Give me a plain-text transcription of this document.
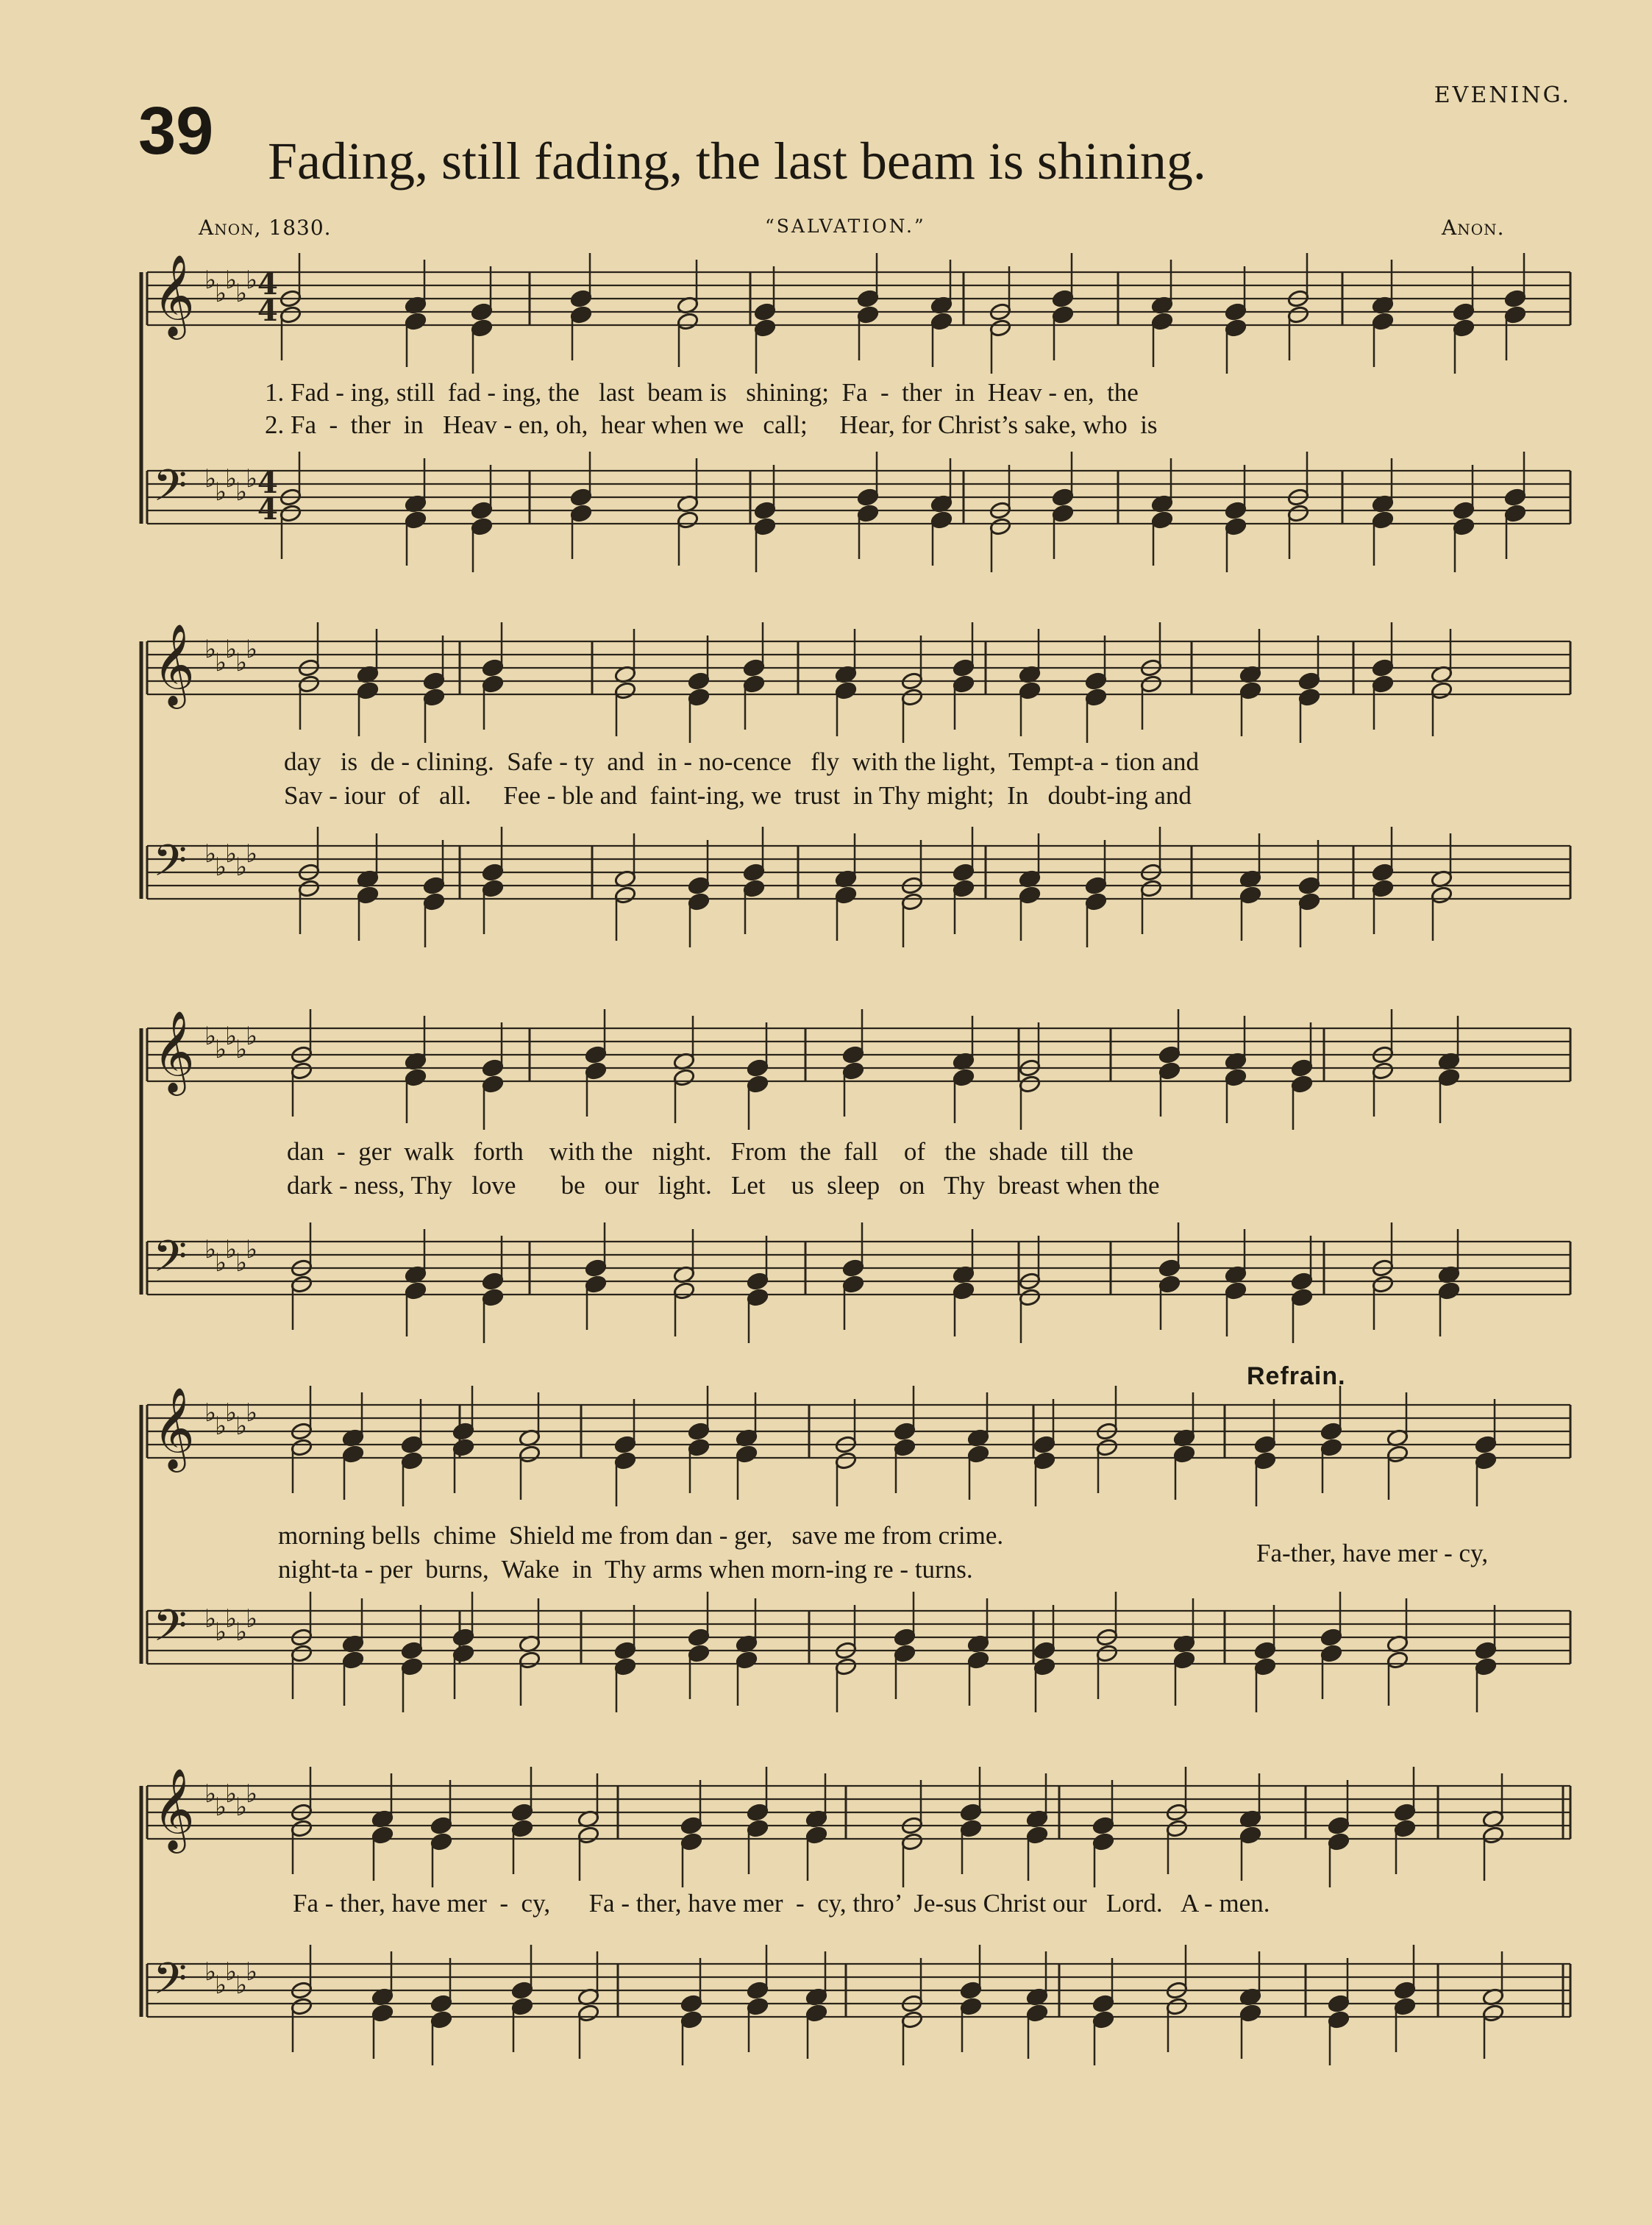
39	EVENING.
Fading, still fading, the last beam is shining.
Anon, 1830.	“SALVATION.”	Anon.
𝄞 ♭
♭
♭
♭
♭
𝄢 ♭
♭
♭
♭
♭
𝄞 ♭
♭
♭
♭
♭
𝄢 ♭
♭
♭
♭
♭
𝄞 ♭
♭
♭
♭
♭
𝄢 ♭
♭
♭
♭
♭
𝄞 ♭
♭
♭
♭
♭
𝄢 ♭
♭
♭
♭
♭
𝄞 ♭
♭
♭
♭
♭
𝄢 ♭
♭
♭
♭
♭
4
4
4
4
1. Fad - ing, still  fad - ing, the   last  beam is   shining;  Fa  -  ther  in  Heav - en,  the
2. Fa  -  ther  in   Heav - en, oh,  hear when we   call;     Hear, for Christ’s sake, who  is
day   is  de - clining.  Safe - ty  and  in - no-cence   fly  with the light,  Tempt-a - tion and
Sav - iour  of   all.     Fee - ble and  faint-ing, we  trust  in Thy might;  In   doubt-ing and
dan  -  ger  walk   forth    with the   night.   From  the  fall    of   the  shade  till  the
dark - ness, Thy   love       be   our   light.   Let    us  sleep   on   Thy  breast when the
Refrain.
morning bells  chime  Shield me from dan - ger,   save me from crime.
night-ta - per  burns,  Wake  in  Thy arms when morn-ing re - turns.
Fa-ther, have mer - cy,
Fa - ther, have mer  -  cy,      Fa - ther, have mer  -  cy, thro’  Je-sus Christ our   Lord.   A - men.
